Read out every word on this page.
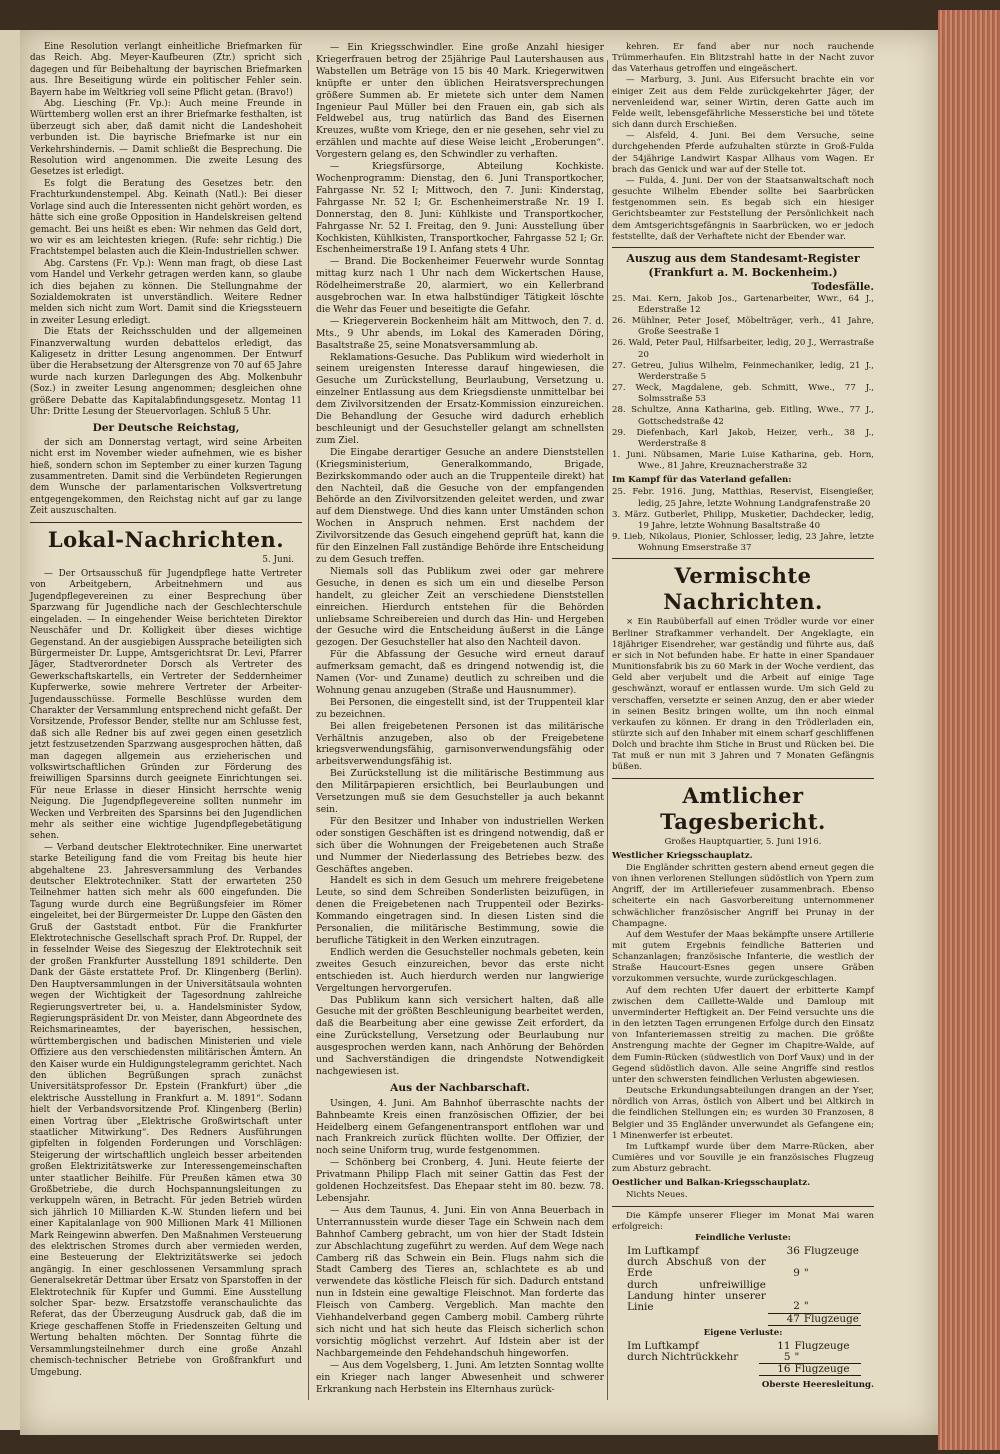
Eine Resolution verlangt einheitliche Briefmarken für das Reich. Abg. Meyer-Kaufbeuren (Ztr.) spricht sich dagegen und für Beibehaltung der bayrischen Briefmarken aus. Ihre Beseitigung würde ein politischer Fehler sein. Bayern habe im Weltkrieg voll seine Pflicht getan. (Bravo!)

Abg. Liesching (Fr. Vp.): Auch meine Freunde in Württemberg wollen erst an ihrer Briefmarke festhalten, ist überzeugt sich aber, daß damit nicht die Landeshoheit verbunden ist. Die bayrische Briefmarke ist nur ein Verkehrshindernis. — Damit schließt die Besprechung. Die Resolution wird angenommen. Die zweite Lesung des Gesetzes ist erledigt.

Es folgt die Beratung des Gesetzes betr. den Frachturkundenstempel. Abg. Keinath (Natl.): Bei dieser Vorlage sind auch die Interessenten nicht gehört worden, es hätte sich eine große Opposition in Handelskreisen geltend gemacht. Bei uns heißt es eben: Wir nehmen das Geld dort, wo wir es am leichtesten kriegen. (Rufe: sehr richtig.) Die Frachtstempel belasten auch die Klein-Industriellen schwer.

Abg. Carstens (Fr. Vp.): Wenn man fragt, ob diese Last vom Handel und Verkehr getragen werden kann, so glaube ich dies bejahen zu können. Die Stellungnahme der Sozialdemokraten ist unverständlich. Weitere Redner melden sich nicht zum Wort. Damit sind die Kriegssteuern in zweiter Lesung erledigt.

Die Etats der Reichsschulden und der allgemeinen Finanzverwaltung wurden debattelos erledigt, das Kaligesetz in dritter Lesung angenommen. Der Entwurf über die Herabsetzung der Altersgrenze von 70 auf 65 Jahre wurde nach kurzen Darlegungen des Abg. Molkenbuhr (Soz.) in zweiter Lesung angenommen; desgleichen ohne größere Debatte das Kapitalabfindungsgesetz. Montag 11 Uhr: Dritte Lesung der Steuervorlagen. Schluß 5 Uhr.

Der Deutsche Reichstag,

der sich am Donnerstag vertagt, wird seine Arbeiten nicht erst im November wieder aufnehmen, wie es bisher hieß, sondern schon im September zu einer kurzen Tagung zusammentreten. Damit sind die Verbündeten Regierungen dem Wunsche der parlamentarischen Volksvertretung entgegengekommen, den Reichstag nicht auf gar zu lange Zeit auszuschalten.

Lokal-Nachrichten.
5. Juni.

— Der Ortsausschuß für Jugendpflege hatte Vertreter von Arbeitgebern, Arbeitnehmern und aus Jugendpflegevereinen zu einer Besprechung über Sparzwang für Jugendliche nach der Geschlechterschule eingeladen. — In eingehender Weise berichteten Direktor Neuschäfer und Dr. Kolligkeit über dieses wichtige Gegenstand. An der ausgiebigen Aussprache beteiligten sich Bürgermeister Dr. Luppe, Amtsgerichtsrat Dr. Levi, Pfarrer Jäger, Stadtverordneter Dorsch als Vertreter des Gewerkschaftskartells, ein Vertreter der Seddernheimer Kupferwerke, sowie mehrere Vertreter der Arbeiter-Jugendausschüsse. Formelle Beschlüsse wurden dem Charakter der Versammlung entsprechend nicht gefaßt. Der Vorsitzende, Professor Bender, stellte nur am Schlusse fest, daß sich alle Redner bis auf zwei gegen einen gesetzlich jetzt festzusetzenden Sparzwang ausgesprochen hätten, daß man dagegen allgemein aus erzieherischen und volkswirtschaftlichen Gründen zur Förderung des freiwilligen Sparsinns durch geeignete Einrichtungen sei. Für neue Erlasse in dieser Hinsicht herrschte wenig Neigung. Die Jugendpflegevereine sollten nunmehr im Wecken und Verbreiten des Sparsinns bei den Jugendlichen mehr als seither eine wichtige Jugendpflegebetätigung sehen.

— Verband deutscher Elektrotechniker. Eine unerwartet starke Beteiligung fand die vom Freitag bis heute hier abgehaltene 23. Jahresversammlung des Verbandes deutscher Elektrotechniker. Statt der erwarteten 250 Teilnehmer hatten sich mehr als 600 eingefunden. Die Tagung wurde durch eine Begrüßungsfeier im Römer eingeleitet, bei der Bürgermeister Dr. Luppe den Gästen den Gruß der Gaststadt entbot. Für die Frankfurter Elektrotechnische Gesellschaft sprach Prof. Dr. Ruppel, der in fesselnder Weise des Siegeszug der Elektrotechnik seit der großen Frankfurter Ausstellung 1891 schilderte. Den Dank der Gäste erstattete Prof. Dr. Klingenberg (Berlin). Den Hauptversammlungen in der Universitätsaula wohnten wegen der Wichtigkeit der Tagesordnung zahlreiche Regierungsvertreter bei, u. a. Handelsminister Sydow, Regierungspräsident Dr. von Meister, dann Abgeordnete des Reichsmarineamtes, der bayerischen, hessischen, württembergischen und badischen Ministerien und viele Offiziere aus den verschiedensten militärischen Ämtern. An den Kaiser wurde ein Huldigungstelegramm gerichtet. Nach den üblichen Begrüßungen sprach zunächst Universitätsprofessor Dr. Epstein (Frankfurt) über „die elektrische Ausstellung in Frankfurt a. M. 1891“. Sodann hielt der Verbandsvorsitzende Prof. Klingenberg (Berlin) einen Vortrag über „Elektrische Großwirtschaft unter staatlicher Mitwirkung“. Des Redners Ausführungen gipfelten in folgenden Forderungen und Vorschlägen: Steigerung der wirtschaftlich ungleich besser arbeitenden großen Elektrizitätswerke zur Interessengemeinschaften unter staatlicher Beihilfe. Für Preußen kämen etwa 30 Großbetriebe, die durch Hochspannungsleitungen zu verkuppeln wären, in Betracht. Für jeden Betrieb würden sich jährlich 10 Milliarden K.-W. Stunden liefern und bei einer Kapitalanlage von 900 Millionen Mark 41 Millionen Mark Reingewinn abwerfen. Den Maßnahmen Versteuerung des elektrischen Stromes durch aber vermieden werden, eine Besteuerung der Elektrizitätswerke sei jedoch angängig. In einer geschlossenen Versammlung sprach Generalsekretär Dettmar über Ersatz von Sparstoffen in der Elektrotechnik für Kupfer und Gummi. Eine Ausstellung solcher Spar- bezw. Ersatzstoffe veranschaulichte das Referat, das der Überzeugung Ausdruck gab, daß die im Kriege geschaffenen Stoffe in Friedenszeiten Geltung und Wertung behalten möchten. Der Sonntag führte die Versammlungsteilnehmer durch eine große Anzahl chemisch-technischer Betriebe von Großfrankfurt und Umgebung.

— Ein Kriegsschwindler. Eine große Anzahl hiesiger Kriegerfrauen betrog der 25jährige Paul Lautershausen aus Wabstellen um Beträge von 15 bis 40 Mark. Kriegerwitwen knüpfte er unter den üblichen Heiratsversprechungen größere Summen ab. Er mietete sich unter dem Namen Ingenieur Paul Müller bei den Frauen ein, gab sich als Feldwebel aus, trug natürlich das Band des Eisernen Kreuzes, wußte vom Kriege, den er nie gesehen, sehr viel zu erzählen und machte auf diese Weise leicht „Eroberungen“. Vorgestern gelang es, den Schwindler zu verhaften.

— Kriegsfürsorge, Abteilung Kochkiste. Wochenprogramm: Dienstag, den 6. Juni Transportkocher, Fahrgasse Nr. 52 I; Mittwoch, den 7. Juni: Kinderstag, Fahrgasse Nr. 52 I; Gr. Eschenheimerstraße Nr. 19 I. Donnerstag, den 8. Juni: Kühlkiste und Transportkocher, Fahrgasse Nr. 52 I. Freitag, den 9. Juni: Ausstellung über Kochkisten, Kühlkisten, Transportkocher, Fahrgasse 52 I; Gr. Eschenheimerstraße 19 I. Anfang stets 4 Uhr.

— Brand. Die Bockenheimer Feuerwehr wurde Sonntag mittag kurz nach 1 Uhr nach dem Wickertschen Hause, Rödelheimerstraße 20, alarmiert, wo ein Kellerbrand ausgebrochen war. In etwa halbstündiger Tätigkeit löschte die Wehr das Feuer und beseitigte die Gefahr.

— Kriegerverein Bockenheim hält am Mittwoch, den 7. d. Mts., 9 Uhr abends, im Lokal des Kameraden Döring, Basaltstraße 25, seine Monatsversammlung ab.

Reklamations-Gesuche. Das Publikum wird wiederholt in seinem ureigensten Interesse darauf hingewiesen, die Gesuche um Zurückstellung, Beurlaubung, Versetzung u. einzelner Entlassung aus dem Kriegsdienste unmittelbar bei dem Zivilvorsitzenden der Ersatz-Kommission einzureichen. Die Behandlung der Gesuche wird dadurch erheblich beschleunigt und der Gesuchsteller gelangt am schnellsten zum Ziel.

Die Eingabe derartiger Gesuche an andere Dienststellen (Kriegsministerium, Generalkommando, Brigade, Bezirkskommando oder auch an die Truppenteile direkt) hat den Nachteil, daß die Gesuche von der empfangenden Behörde an den Zivilvorsitzenden geleitet werden, und zwar auf dem Dienstwege. Und dies kann unter Umständen schon Wochen in Anspruch nehmen. Erst nachdem der Zivilvorsitzende das Gesuch eingehend geprüft hat, kann die für den Einzelnen Fall zuständige Behörde ihre Entscheidung zu dem Gesuch treffen.

Niemals soll das Publikum zwei oder gar mehrere Gesuche, in denen es sich um ein und dieselbe Person handelt, zu gleicher Zeit an verschiedene Dienststellen einreichen. Hierdurch entstehen für die Behörden unliebsame Schreibereien und durch das Hin- und Hergeben der Gesuche wird die Entscheidung äußerst in die Länge gezogen. Der Gesuchsteller hat also den Nachteil davon.

Für die Abfassung der Gesuche wird erneut darauf aufmerksam gemacht, daß es dringend notwendig ist, die Namen (Vor- und Zuname) deutlich zu schreiben und die Wohnung genau anzugeben (Straße und Hausnummer).

Bei Personen, die eingestellt sind, ist der Truppenteil klar zu bezeichnen.

Bei allen freigebetenen Personen ist das militärische Verhältnis anzugeben, also ob der Freigebetene kriegsverwendungsfähig, garnisonverwendungsfähig oder arbeitsverwendungsfähig ist.

Bei Zurückstellung ist die militärische Bestimmung aus den Militärpapieren ersichtlich, bei Beurlaubungen und Versetzungen muß sie dem Gesuchsteller ja auch bekannt sein.

Für den Besitzer und Inhaber von industriellen Werken oder sonstigen Geschäften ist es dringend notwendig, daß er sich über die Wohnungen der Freigebetenen auch Straße und Nummer der Niederlassung des Betriebes bezw. des Geschäftes angeben.

Handelt es sich in dem Gesuch um mehrere freigebetene Leute, so sind dem Schreiben Sonderlisten beizufügen, in denen die Freigebetenen nach Truppenteil oder Bezirks-Kommando eingetragen sind. In diesen Listen sind die Personalien, die militärische Bestimmung, sowie die berufliche Tätigkeit in den Werken einzutragen.

Endlich werden die Gesuchsteller nochmals gebeten, kein zweites Gesuch einzureichen, bevor das erste nicht entschieden ist. Auch hierdurch werden nur langwierige Vergeltungen hervorgerufen.

Das Publikum kann sich versichert halten, daß alle Gesuche mit der größten Beschleunigung bearbeitet werden, daß die Bearbeitung aber eine gewisse Zeit erfordert, da eine Zurückstellung, Versetzung oder Beurlaubung nur ausgesprochen werden kann, nach Anhörung der Behörden und Sachverständigen die dringendste Notwendigkeit nachgewiesen ist.

Aus der Nachbarschaft.

Usingen, 4. Juni. Am Bahnhof überraschte nachts der Bahnbeamte Kreis einen französischen Offizier, der bei Heidelberg einem Gefangenentransport entflohen war und nach Frankreich zurück flüchten wollte. Der Offizier, der noch seine Uniform trug, wurde festgenommen.

— Schönberg bei Cronberg, 4. Juni. Heute feierte der Privatmann Philipp Flach mit seiner Gattin das Fest der goldenen Hochzeitsfest. Das Ehepaar steht im 80. bezw. 78. Lebensjahr.

— Aus dem Taunus, 4. Juni. Ein von Anna Beuerbach in Unterrannusstein wurde dieser Tage ein Schwein nach dem Bahnhof Camberg gebracht, um von hier der Stadt Idstein zur Abschlachtung zugeführt zu werden. Auf dem Wege nach Camberg riß das Schwein ein Bein. Flugs nahm sich die Stadt Camberg des Tieres an, schlachtete es ab und verwendete das köstliche Fleisch für sich. Dadurch entstand nun in Idstein eine gewaltige Fleischnot. Man forderte das Fleisch von Camberg. Vergeblich. Man machte den Viehhandelverband gegen Camberg mobil. Camberg rührte sich nicht und hat sich heute das Fleisch sicherlich schon vorsichtig möglichst verzehrt. Auf Idstein aber ist der Nachbargemeinde den Fehdehandschuh hingeworfen.

— Aus dem Vogelsberg, 1. Juni. Am letzten Sonntag wollte ein Krieger nach langer Abwesenheit und schwerer Erkrankung nach Herbstein ins Elternhaus zurück-

kehren. Er fand aber nur noch rauchende Trümmerhaufen. Ein Blitzstrahl hatte in der Nacht zuvor das Vaterhaus getroffen und eingeäschert.

— Marburg, 3. Juni. Aus Eifersucht brachte ein vor einiger Zeit aus dem Felde zurückgekehrter Jäger, der nervenleidend war, seiner Wirtin, deren Gatte auch im Felde weilt, lebensgefährliche Messerstiche bei und tötete sich dann durch Erschießen.

— Alsfeld, 4. Juni. Bei dem Versuche, seine durchgehenden Pferde aufzuhalten stürzte in Groß-Fulda der 54jährige Landwirt Kaspar Allhaus vom Wagen. Er brach das Genick und war auf der Stelle tot.

— Fulda, 4. Juni. Der von der Staatsanwaltschaft noch gesuchte Wilhelm Ebender sollte bei Saarbrücken festgenommen sein. Es begab sich ein hiesiger Gerichtsbeamter zur Feststellung der Persönlichkeit nach dem Amtsgerichtsgefängnis in Saarbrücken, wo er jedoch feststellte, daß der Verhaftete nicht der Ebender war.

Auszug aus dem Standesamt-Register
(Frankfurt a. M. Bockenheim.)
Todesfälle.
25. Mai. Kern, Jakob Jos., Gartenarbeiter, Wwr., 64 J., Ederstraße 12
26. Mühlner, Peter Josef, Möbelträger, verh., 41 Jahre, Große Seestraße 1
26. Wald, Peter Paul, Hilfsarbeiter, ledig, 20 J., Werrastraße 20
27. Getreu, Julius Wilhelm, Feinmechaniker, ledig, 21 J., Werderstraße 5
27. Weck, Magdalene, geb. Schmitt, Wwe., 77 J., Solmsstraße 53
28. Schultze, Anna Katharina, geb. Eitling, Wwe., 77 J., Gottschedstraße 42
29. Diefenbach, Karl Jakob, Heizer, verh., 38 J., Werderstraße 8
1. Juni. Nübsamen, Marie Luise Katharina, geb. Horn, Wwe., 81 Jahre, Kreuznacherstraße 32
Im Kampf für das Vaterland gefallen:
25. Febr. 1916. Jung, Matthias, Reservist, Eisengießer, ledig, 25 Jahre, letzte Wohnung Landgrafenstraße 20
3. März. Gutberlet, Philipp, Musketier, Dachdecker, ledig, 19 Jahre, letzte Wohnung Basaltstraße 40
9. Lieb, Nikolaus, Pionier, Schlosser, ledig, 23 Jahre, letzte Wohnung Emserstraße 37
Vermischte Nachrichten.

× Ein Raubüberfall auf einen Trödler wurde vor einer Berliner Strafkammer verhandelt. Der Angeklagte, ein 18jähriger Eisendreher, war geständig und führte aus, daß er sich in Not befunden habe. Er hatte in einer Spandauer Munitionsfabrik bis zu 60 Mark in der Woche verdient, das Geld aber verjubelt und die Arbeit auf einige Tage geschwänzt, worauf er entlassen wurde. Um sich Geld zu verschaffen, versetzte er seinen Anzug, den er aber wieder in seinen Besitz bringen wollte, um ihn noch einmal verkaufen zu können. Er drang in den Trödlerladen ein, stürzte sich auf den Inhaber mit einem scharf geschliffenen Dolch und brachte ihm Stiche in Brust und Rücken bei. Die Tat muß er nun mit 3 Jahren und 7 Monaten Gefängnis büßen.

Amtlicher Tagesbericht.

Großes Hauptquartier, 5. Juni 1916.

Westlicher Kriegsschauplatz.

Die Engländer schritten gestern abend erneut gegen die von ihnen verlorenen Stellungen südöstlich von Ypern zum Angriff, der im Artilleriefeuer zusammenbrach. Ebenso scheiterte ein nach Gasvorbereitung unternommener schwächlicher französischer Angriff bei Prunay in der Champagne.

Auf dem Westufer der Maas bekämpfte unsere Artillerie mit gutem Ergebnis feindliche Batterien und Schanzanlagen; französische Infanterie, die westlich der Straße Haucourt-Esnes gegen unsere Gräben vorzukommen versuchte, wurde zurückgeschlagen.

Auf dem rechten Ufer dauert der erbitterte Kampf zwischen dem Caillette-Walde und Damloup mit unverminderter Heftigkeit an. Der Feind versuchte uns die in den letzten Tagen errungenen Erfolge durch den Einsatz von Infanteriemassen streitig zu machen. Die größte Anstrengung machte der Gegner im Chapitre-Walde, auf dem Fumin-Rücken (südwestlich von Dorf Vaux) und in der Gegend südöstlich davon. Alle seine Angriffe sind restlos unter den schwersten feindlichen Verlusten abgewiesen.

Deutsche Erkundungsabteilungen drangen an der Yser, nördlich von Arras, östlich von Albert und bei Altkirch in die feindlichen Stellungen ein; es wurden 30 Franzosen, 8 Belgier und 35 Engländer unverwundet als Gefangene ein; 1 Minenwerfer ist erbeutet.

Im Luftkampf wurde über dem Marre-Rücken, aber Cumières und vor Souville je ein französisches Flugzeug zum Absturz gebracht.

Oestlicher und Balkan-Kriegsschauplatz.

Nichts Neues.

Die Kämpfe unserer Flieger im Monat Mai waren erfolgreich:

Feindliche Verluste:
Im Luftkampf	36	Flugzeuge
durch Abschuß von der Erde	9	"
durch unfreiwillige Landung hinter unserer Linie	2	"
	47	Flugzeuge
Eigene Verluste:
Im Luftkampf	11	Flugzeuge
durch Nichtrückkehr	5	"
	16	Flugzeuge
Oberste Heeresleitung.
